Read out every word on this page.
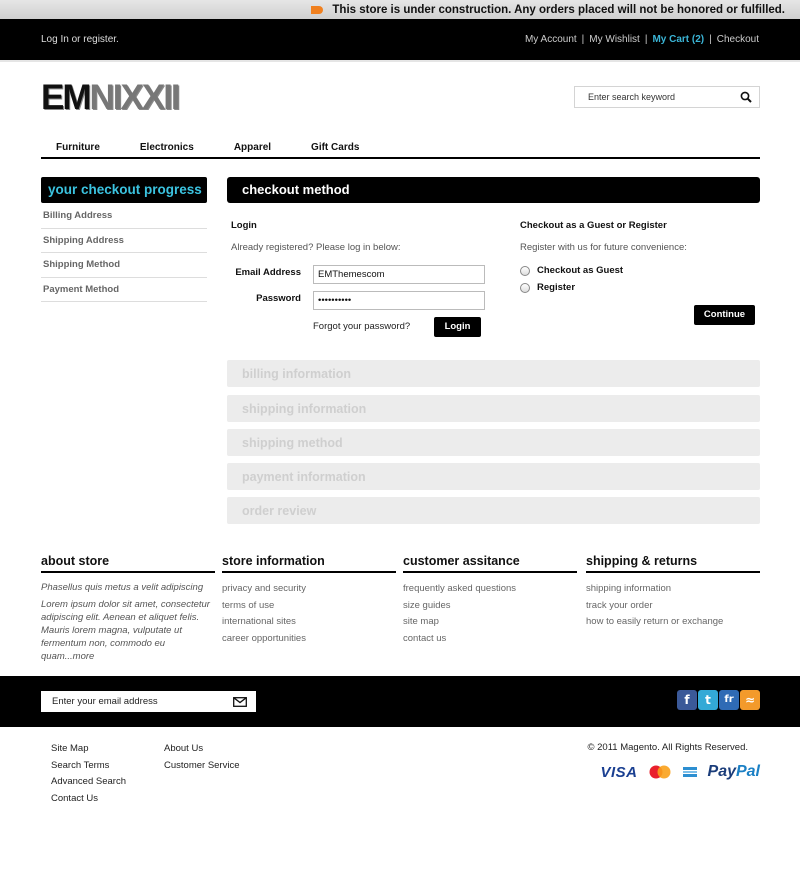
This store is under construction. Any orders placed will not be honored or fulfilled.
Log In or register.	My Account | My Wishlist | My Cart (2) | Checkout
EMNIXXII
Enter search keyword
Furniture	Electronics	Apparel	Gift Cards
your checkout progress
Billing Address
Shipping Address
Shipping Method
Payment Method
checkout method
Login
Already registered? Please log in below:
Email Address
EMThemescom
Password
••••••••••
Forgot your password?	Login
Checkout as a Guest or Register
Register with us for future convenience:
Checkout as Guest
Register
Continue
billing information
shipping information
shipping method
payment information
order review
about store
Phasellus quis metus a velit adipiscing
Lorem ipsum dolor sit amet, consectetur adipiscing elit. Aenean et aliquet felis. Mauris lorem magna, vulputate ut fermentum non, commodo eu quam...more
store information
privacy and security
terms of use
international sites
career opportunities
customer assitance
frequently asked questions
size guides
site map
contact us
shipping & returns
shipping information
track your order
how to easily return or exchange
Enter your email address
f	t	fr ≈
Site Map
Search Terms
Advanced Search
Contact Us
About Us
Customer Service
© 2011 Magento. All Rights Reserved.
VISA	PayPal
